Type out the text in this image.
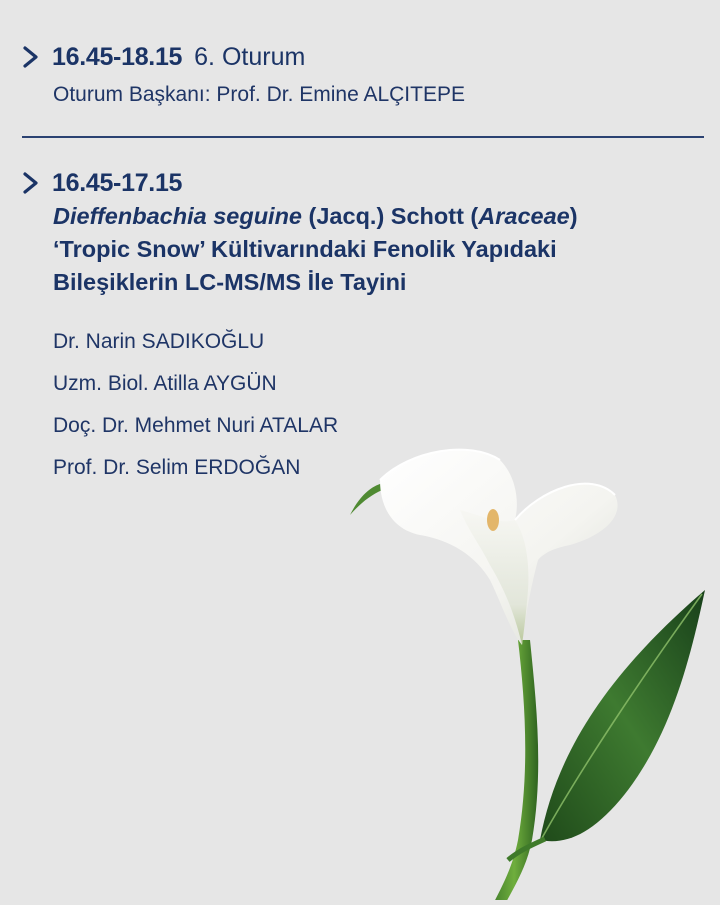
16.45-18.15 6. Oturum
Oturum Başkanı: Prof. Dr. Emine ALÇITEPE
16.45-17.15
Dieffenbachia seguine (Jacq.) Schott (Araceae)
‘Tropic Snow’ Kültivarındaki Fenolik Yapıdaki
Bileşiklerin LC-MS/MS İle Tayini
Dr. Narin SADIKOĞLU
Uzm. Biol. Atilla AYGÜN
Doç. Dr. Mehmet Nuri ATALAR
Prof. Dr. Selim ERDOĞAN
